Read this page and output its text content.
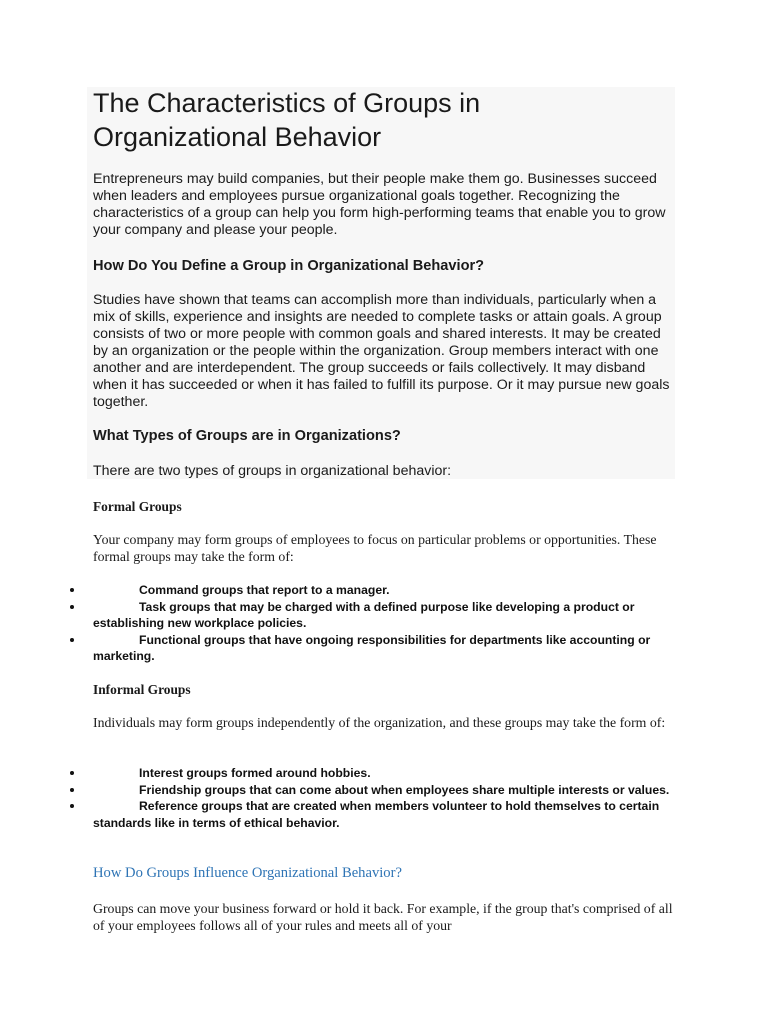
The Characteristics of Groups in Organizational Behavior

Entrepreneurs may build companies, but their people make them go. Businesses succeed when leaders and employees pursue organizational goals together. Recognizing the characteristics of a group can help you form high-performing teams that enable you to grow your company and please your people.

How Do You Define a Group in Organizational Behavior?

Studies have shown that teams can accomplish more than individuals, particularly when a mix of skills, experience and insights are needed to complete tasks or attain goals. A group consists of two or more people with common goals and shared interests. It may be created by an organization or the people within the organization. Group members interact with one another and are interdependent. The group succeeds or fails collectively. It may disband when it has succeeded or when it has failed to fulfill its purpose. Or it may pursue new goals together.

What Types of Groups are in Organizations?

There are two types of groups in organizational behavior:

Formal Groups

Your company may form groups of employees to focus on particular problems or opportunities. These formal groups may take the form of:

Command groups that report to a manager.
Task groups that may be charged with a defined purpose like developing a product or establishing new workplace policies.
Functional groups that have ongoing responsibilities for departments like accounting or marketing.
Informal Groups

Individuals may form groups independently of the organization, and these groups may take the form of:

Interest groups formed around hobbies.
Friendship groups that can come about when employees share multiple interests or values.
Reference groups that are created when members volunteer to hold themselves to certain standards like in terms of ethical behavior.
How Do Groups Influence Organizational Behavior?

Groups can move your business forward or hold it back. For example, if the group that's comprised of all of your employees follows all of your rules and meets all of your
